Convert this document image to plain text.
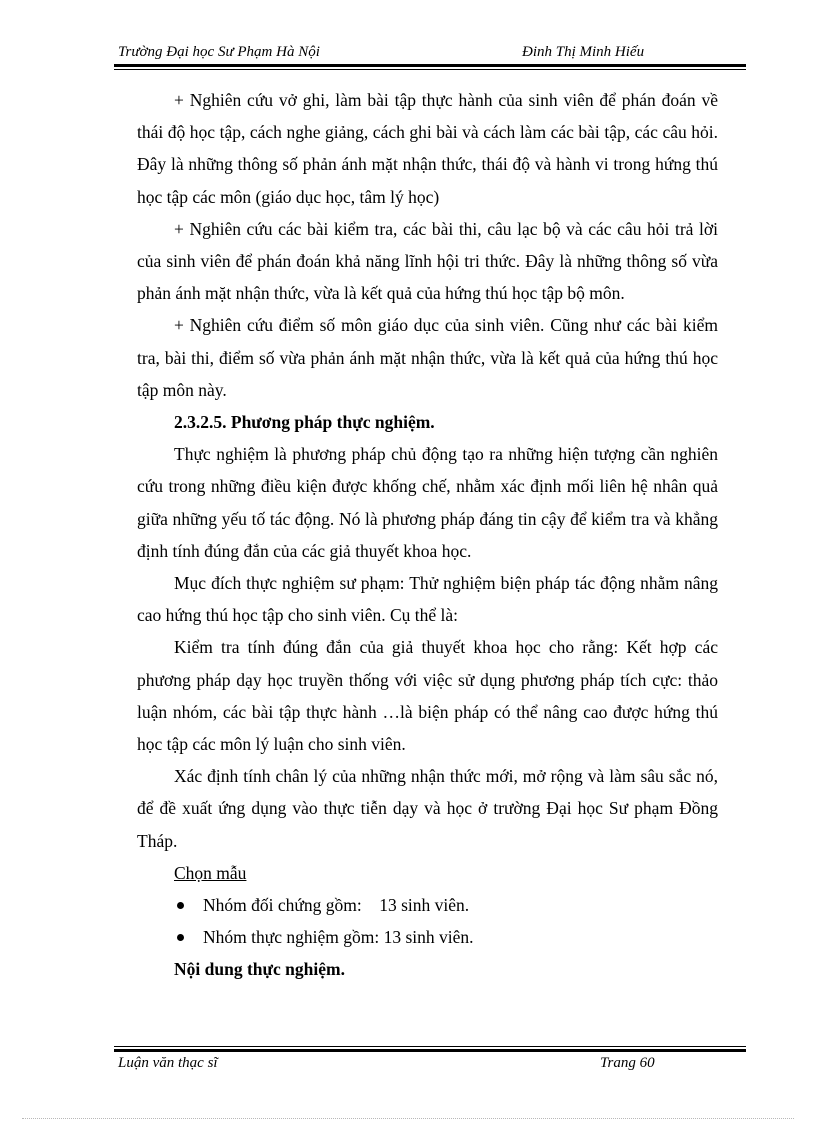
Trường Đại học Sư Phạm Hà Nội	Đinh Thị Minh Hiếu

+ Nghiên cứu vở ghi, làm bài tập thực hành của sinh viên để phán đoán về thái độ học tập, cách nghe giảng, cách ghi bài và cách làm các bài tập, các câu hỏi. Đây là những thông số phản ánh mặt nhận thức, thái độ và hành vi trong hứng thú học tập các môn (giáo dục học, tâm lý học)

+ Nghiên cứu các bài kiểm tra, các bài thi, câu lạc bộ và các câu hỏi trả lời của sinh viên để phán đoán khả năng lĩnh hội tri thức. Đây là những thông số vừa phản ánh mặt nhận thức, vừa là kết quả của hứng thú học tập bộ môn.

+ Nghiên cứu điểm số môn giáo dục của sinh viên. Cũng như các bài kiểm tra, bài thi, điểm số vừa phản ánh mặt nhận thức, vừa là kết quả của hứng thú học tập môn này.

2.3.2.5. Phương pháp thực nghiệm.

Thực nghiệm là phương pháp chủ động tạo ra những hiện tượng cần nghiên cứu trong những điều kiện được khống chế, nhằm xác định mối liên hệ nhân quả giữa những yếu tố tác động. Nó là phương pháp đáng tin cậy để kiểm tra và khẳng định tính đúng đắn của các giả thuyết khoa học.

Mục đích thực nghiệm sư phạm: Thử nghiệm biện pháp tác động nhằm nâng cao hứng thú học tập cho sinh viên. Cụ thể là:

Kiểm tra tính đúng đắn của giả thuyết khoa học cho rằng: Kết hợp các phương pháp dạy học truyền thống với việc sử dụng phương pháp tích cực: thảo luận nhóm, các bài tập thực hành …là biện pháp có thể nâng cao được hứng thú học tập các môn lý luận cho sinh viên.

Xác định tính chân lý của những nhận thức mới, mở rộng và làm sâu sắc nó, để đề xuất ứng dụng vào thực tiễn dạy và học ở trường Đại học Sư phạm Đồng Tháp.

Chọn mẫu

Nhóm đối chứng gồm:    13 sinh viên.

Nhóm thực nghiệm gồm: 13 sinh viên.

Nội dung thực nghiệm.

Luận văn thạc sĩ	Trang 60
